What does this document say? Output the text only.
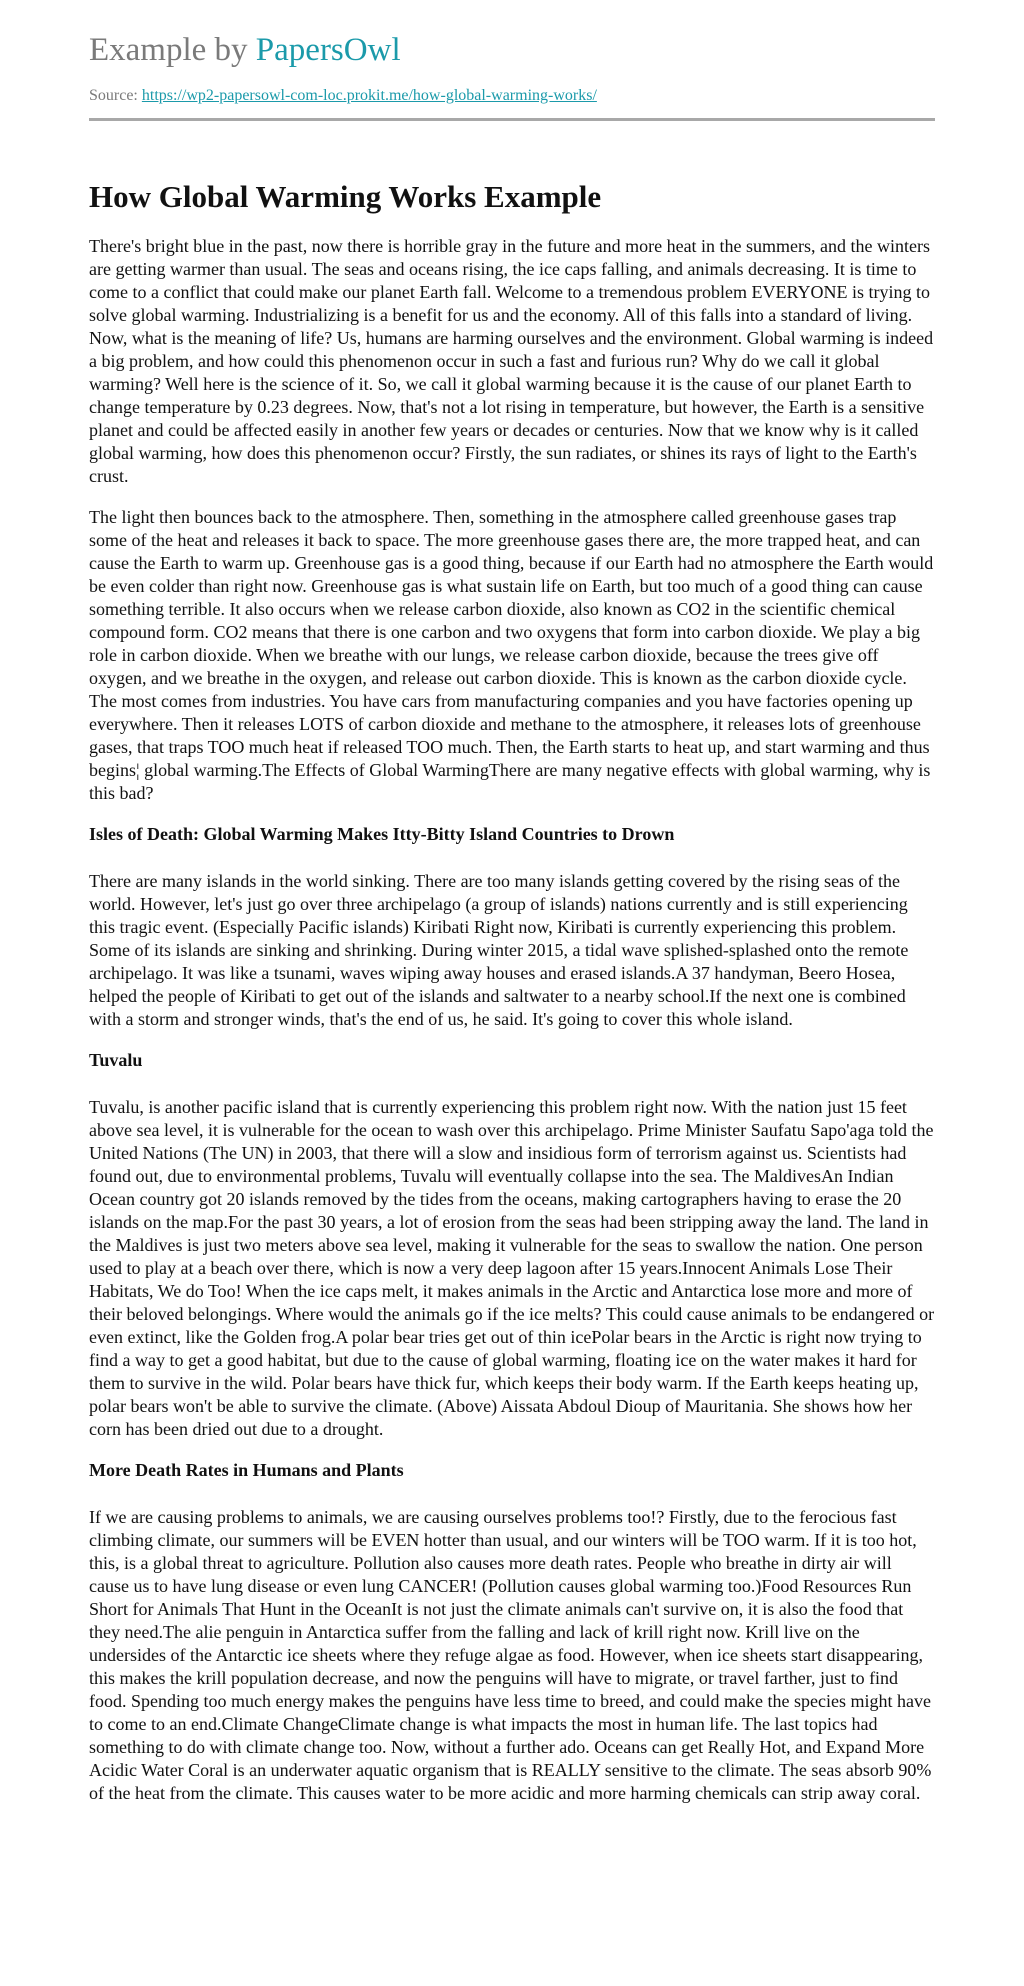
Example by PapersOwl
Source: https://wp2-papersowl-com-loc.prokit.me/how-global-warming-works/
How Global Warming Works Example

There's bright blue in the past, now there is horrible gray in the future and more heat in the summers, and the winters are getting warmer than usual. The seas and oceans rising, the ice caps falling, and animals decreasing. It is time to come to a conflict that could make our planet Earth fall. Welcome to a tremendous problem EVERYONE is trying to solve global warming. Industrializing is a benefit for us and the economy. All of this falls into a standard of living. Now, what is the meaning of life? Us, humans are harming ourselves and the environment. Global warming is indeed a big problem, and how could this phenomenon occur in such a fast and furious run? Why do we call it global warming? Well here is the science of it. So, we call it global warming because it is the cause of our planet Earth to change temperature by 0.23 degrees. Now, that's not a lot rising in temperature, but however, the Earth is a sensitive planet and could be affected easily in another few years or decades or centuries. Now that we know why is it called global warming, how does this phenomenon occur? Firstly, the sun radiates, or shines its rays of light to the Earth's crust.

The light then bounces back to the atmosphere. Then, something in the atmosphere called greenhouse gases trap some of the heat and releases it back to space. The more greenhouse gases there are, the more trapped heat, and can cause the Earth to warm up. Greenhouse gas is a good thing, because if our Earth had no atmosphere the Earth would be even colder than right now. Greenhouse gas is what sustain life on Earth, but too much of a good thing can cause something terrible. It also occurs when we release carbon dioxide, also known as CO2 in the scientific chemical compound form. CO2 means that there is one carbon and two oxygens that form into carbon dioxide. We play a big role in carbon dioxide. When we breathe with our lungs, we release carbon dioxide, because the trees give off oxygen, and we breathe in the oxygen, and release out carbon dioxide. This is known as the carbon dioxide cycle. The most comes from industries. You have cars from manufacturing companies and you have factories opening up everywhere. Then it releases LOTS of carbon dioxide and methane to the atmosphere, it releases lots of greenhouse gases, that traps TOO much heat if released TOO much. Then, the Earth starts to heat up, and start warming and thus begins¦ global warming.The Effects of Global WarmingThere are many negative effects with global warming, why is this bad?

Isles of Death: Global Warming Makes Itty-Bitty Island Countries to Drown

There are many islands in the world sinking. There are too many islands getting covered by the rising seas of the world. However, let's just go over three archipelago (a group of islands) nations currently and is still experiencing this tragic event. (Especially Pacific islands) Kiribati Right now, Kiribati is currently experiencing this problem. Some of its islands are sinking and shrinking. During winter 2015, a tidal wave splished-splashed onto the remote archipelago. It was like a tsunami, waves wiping away houses and erased islands.A 37 handyman, Beero Hosea, helped the people of Kiribati to get out of the islands and saltwater to a nearby school.If the next one is combined with a storm and stronger winds, that's the end of us, he said. It's going to cover this whole island.

Tuvalu

Tuvalu, is another pacific island that is currently experiencing this problem right now. With the nation just 15 feet above sea level, it is vulnerable for the ocean to wash over this archipelago. Prime Minister Saufatu Sapo'aga told the United Nations (The UN) in 2003, that there will a slow and insidious form of terrorism against us. Scientists had found out, due to environmental problems, Tuvalu will eventually collapse into the sea. The MaldivesAn Indian Ocean country got 20 islands removed by the tides from the oceans, making cartographers having to erase the 20 islands on the map.For the past 30 years, a lot of erosion from the seas had been stripping away the land. The land in the Maldives is just two meters above sea level, making it vulnerable for the seas to swallow the nation. One person used to play at a beach over there, which is now a very deep lagoon after 15 years.Innocent Animals Lose Their Habitats, We do Too! When the ice caps melt, it makes animals in the Arctic and Antarctica lose more and more of their beloved belongings. Where would the animals go if the ice melts? This could cause animals to be endangered or even extinct, like the Golden frog.A polar bear tries get out of thin icePolar bears in the Arctic is right now trying to find a way to get a good habitat, but due to the cause of global warming, floating ice on the water makes it hard for them to survive in the wild. Polar bears have thick fur, which keeps their body warm. If the Earth keeps heating up, polar bears won't be able to survive the climate. (Above) Aissata Abdoul Dioup of Mauritania. She shows how her corn has been dried out due to a drought.

More Death Rates in Humans and Plants

If we are causing problems to animals, we are causing ourselves problems too!? Firstly, due to the ferocious fast climbing climate, our summers will be EVEN hotter than usual, and our winters will be TOO warm. If it is too hot, this, is a global threat to agriculture. Pollution also causes more death rates. People who breathe in dirty air will cause us to have lung disease or even lung CANCER! (Pollution causes global warming too.)Food Resources Run Short for Animals That Hunt in the OceanIt is not just the climate animals can't survive on, it is also the food that they need.The alie penguin in Antarctica suffer from the falling and lack of krill right now. Krill live on the undersides of the Antarctic ice sheets where they refuge algae as food. However, when ice sheets start disappearing, this makes the krill population decrease, and now the penguins will have to migrate, or travel farther, just to find food. Spending too much energy makes the penguins have less time to breed, and could make the species might have to come to an end.Climate ChangeClimate change is what impacts the most in human life. The last topics had something to do with climate change too. Now, without a further ado. Oceans can get Really Hot, and Expand More Acidic Water Coral is an underwater aquatic organism that is REALLY sensitive to the climate. The seas absorb 90% of the heat from the climate. This causes water to be more acidic and more harming chemicals can strip away coral.
